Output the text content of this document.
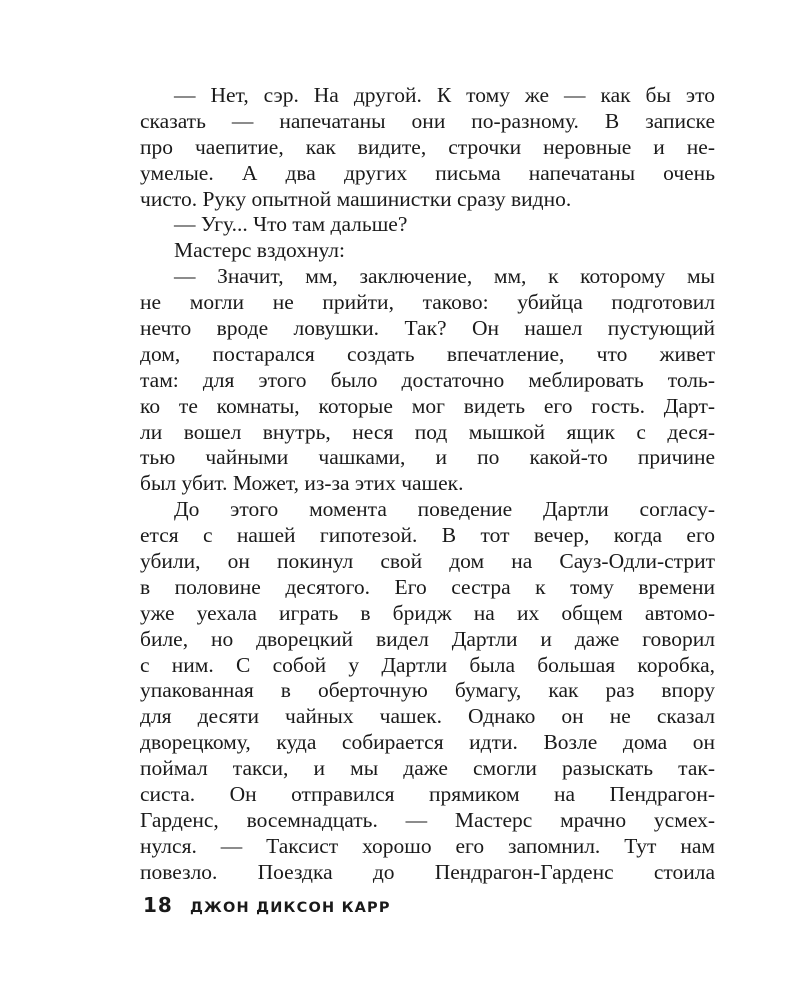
— Нет, сэр. На другой. К тому же — как бы это
сказать — напечатаны они по-разному. В записке
про чаепитие, как видите, строчки неровные и не-
умелые. А два других письма напечатаны очень
чисто. Руку опытной машинистки сразу видно.
— Угу... Что там дальше?
Мастерс вздохнул:
— Значит, мм, заключение, мм, к которому мы
не могли не прийти, таково: убийца подготовил
нечто вроде ловушки. Так? Он нашел пустующий
дом, постарался создать впечатление, что живет
там: для этого было достаточно меблировать толь-
ко те комнаты, которые мог видеть его гость. Дарт-
ли вошел внутрь, неся под мышкой ящик с деся-
тью чайными чашками, и по какой-то причине
был убит. Может, из-за этих чашек.
До этого момента поведение Дартли согласу-
ется с нашей гипотезой. В тот вечер, когда его
убили, он покинул свой дом на Сауз-Одли-стрит
в половине десятого. Его сестра к тому времени
уже уехала играть в бридж на их общем автомо-
биле, но дворецкий видел Дартли и даже говорил
с ним. С собой у Дартли была большая коробка,
упакованная в оберточную бумагу, как раз впору
для десяти чайных чашек. Однако он не сказал
дворецкому, куда собирается идти. Возле дома он
поймал такси, и мы даже смогли разыскать так-
систа. Он отправился прямиком на Пендрагон-
Гарденс, восемнадцать. — Мастерс мрачно усмех-
нулся. — Таксист хорошо его запомнил. Тут нам
повезло. Поездка до Пендрагон-Гарденс стоила
18 ДЖОН ДИКСОН КАРР
